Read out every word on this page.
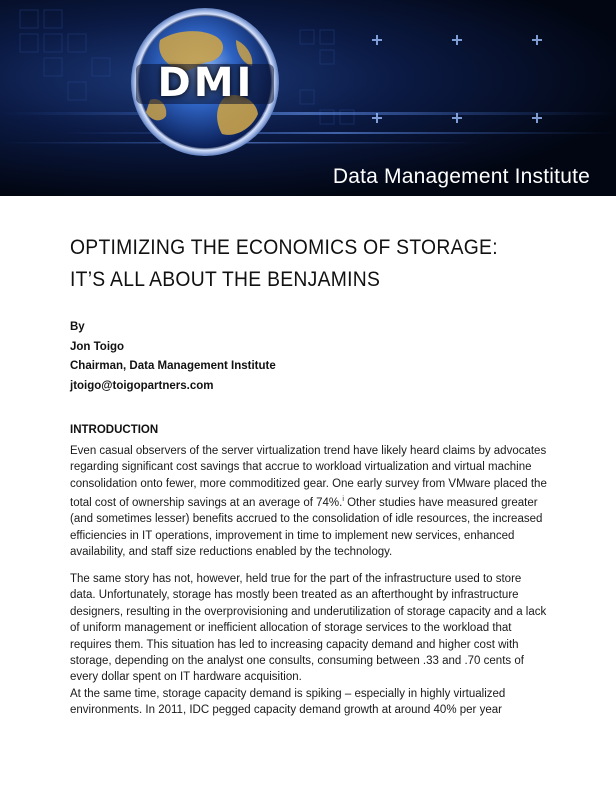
DMI
Data Management Institute
OPTIMIZING THE ECONOMICS OF STORAGE:
IT’S ALL ABOUT THE BENJAMINS
By
Jon Toigo
Chairman, Data Management Institute
jtoigo@toigopartners.com
INTRODUCTION

Even casual observers of the server virtualization trend have likely heard claims by advocates regarding significant cost savings that accrue to workload virtualization and virtual machine consolidation onto fewer, more commoditized gear. One early survey from VMware placed the total cost of ownership savings at an average of 74%.$^i$ Other studies have measured greater (and sometimes lesser) benefits accrued to the consolidation of idle resources, the increased efficiencies in IT operations, improvement in time to implement new services, enhanced availability, and staff size reductions enabled by the technology.

The same story has not, however, held true for the part of the infrastructure used to store data. Unfortunately, storage has mostly been treated as an afterthought by infrastructure designers, resulting in the overprovisioning and underutilization of storage capacity and a lack of uniform management or inefficient allocation of storage services to the workload that requires them. This situation has led to increasing capacity demand and higher cost with storage, depending on the analyst one consults, consuming between .33 and .70 cents of every dollar spent on IT hardware acquisition.

At the same time, storage capacity demand is spiking – especially in highly virtualized environments. In 2011, IDC pegged capacity demand growth at around 40% per year
